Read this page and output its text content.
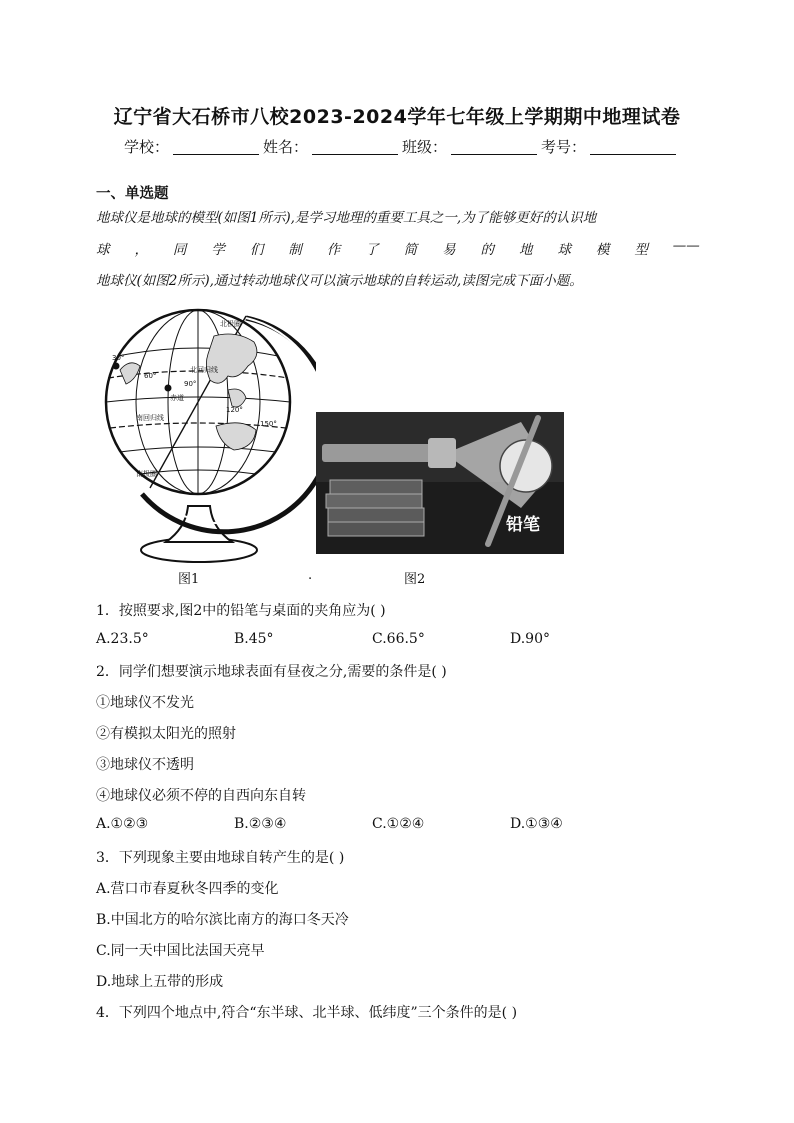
辽宁省大石桥市八校2023-2024学年七年级上学期期中地理试卷
学校：	姓名：	班级：	考号：
一、单选题
地球仪是地球的模型(如图1所示),是学习地理的重要工具之一,为了能够更好的认识地
球 ， 同 学 们 制 作 了 简 易 的 地 球 模 型 ——
地球仪(如图2所示),通过转动地球仪可以演示地球的自转运动,读图完成下面小题。
北极圈
北回归线
赤道
南回归线
南极圈
30°
60°
90°
120°
150°
图1	.
铅笔
图2
1．按照要求,图2中的铅笔与桌面的夹角应为( )
A.23.5°	B.45°	C.66.5°	D.90°
2．同学们想要演示地球表面有昼夜之分,需要的条件是( )
①地球仪不发光
②有模拟太阳光的照射
③地球仪不透明
④地球仪必须不停的自西向东自转
A.①②③	B.②③④	C.①②④	D.①③④
3．下列现象主要由地球自转产生的是( )
A.营口市春夏秋冬四季的变化
B.中国北方的哈尔滨比南方的海口冬天冷
C.同一天中国比法国天亮早
D.地球上五带的形成
4．下列四个地点中,符合“东半球、北半球、低纬度”三个条件的是( )
